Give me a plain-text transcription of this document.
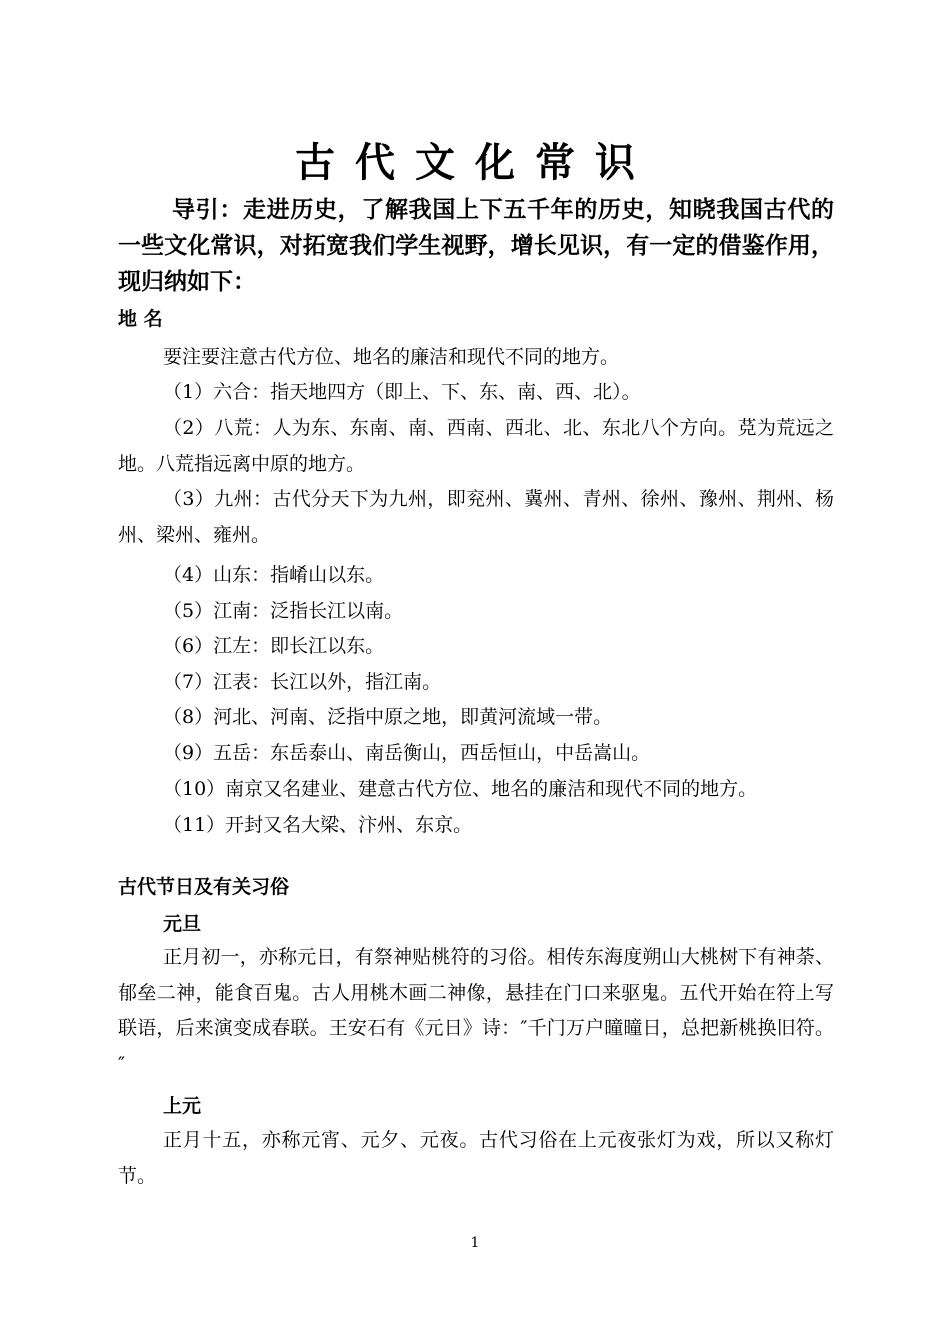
古代文化常识
导引：走进历史，了解我国上下五千年的历史，知晓我国古代的一些文化常识，对拓宽我们学生视野，增长见识，有一定的借鉴作用，现归纳如下：
地 名
要注要注意古代方位、地名的廉洁和现代不同的地方。
（1）六合：指天地四方（即上、下、东、南、西、北）。
（2）八荒：人为东、东南、南、西南、西北、北、东北八个方向。莌为荒远之地。八荒指远离中原的地方。
（3）九州：古代分天下为九州，即兖州、冀州、青州、徐州、豫州、荆州、杨州、梁州、雍州。
（4）山东：指崤山以东。
（5）江南：泛指长江以南。
（6）江左：即长江以东。
（7）江表：长江以外，指江南。
（8）河北、河南、泛指中原之地，即黄河流域一带。
（9）五岳：东岳泰山、南岳衡山，西岳恒山，中岳嵩山。
（10）南京又名建业、建意古代方位、地名的廉洁和现代不同的地方。
（11）开封又名大梁、汴州、东京。
古代节日及有关习俗
元旦
正月初一，亦称元日，有祭神贴桃符的习俗。相传东海度朔山大桃树下有神荼、郁垒二神，能食百鬼。古人用桃木画二神像，悬挂在门口来驱鬼。五代开始在符上写联语，后来演变成春联。王安石有《元日》诗：″千门万户曈曈日，总把新桃换旧符。″
上元
正月十五，亦称元宵、元夕、元夜。古代习俗在上元夜张灯为戏，所以又称灯节。
1
